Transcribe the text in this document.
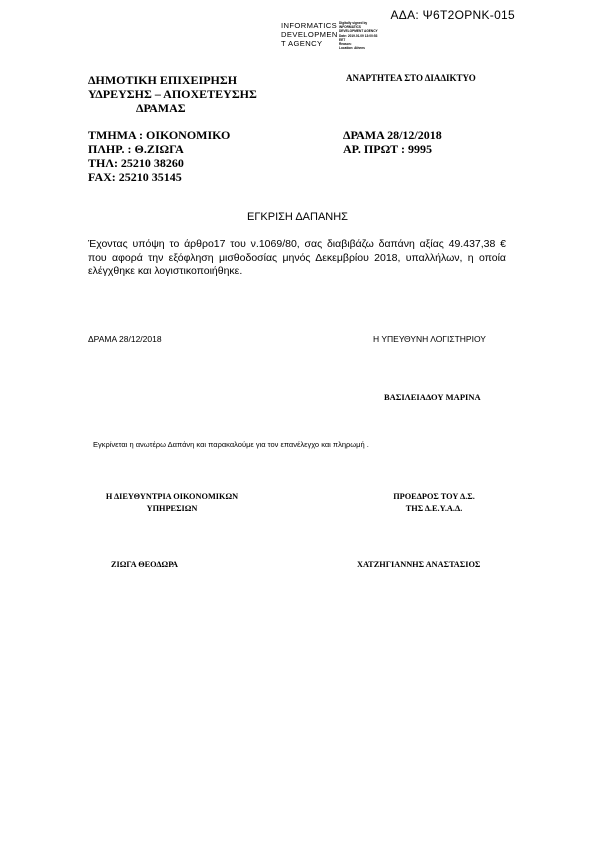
ΑΔΑ: Ψ6Τ2ΟΡΝΚ-015
INFORMATICS
DEVELOPMEN
T AGENCY
Digitally signed by
INFORMATICS
DEVELOPMENT AGENCY
Date: 2019.01.09 13:00:53
EET
Reason:
Location: Athens
ΔΗΜΟΤΙΚΗ ΕΠΙΧΕΙΡΗΣΗ
ΥΔΡΕΥΣΗΣ – ΑΠΟΧΕΤΕΥΣΗΣ
ΔΡΑΜΑΣ
ΑΝΑΡΤΗΤΕΑ ΣΤΟ ΔΙΑΔΙΚΤΥΟ
ΤΜΗΜΑ : ΟΙΚΟΝΟΜΙΚΟ
ΠΛΗΡ. : Θ.ΖΙΩΓΑ
ΤΗΛ: 25210 38260
FAX: 25210 35145
ΔΡΑΜΑ 28/12/2018
ΑΡ. ΠΡΩΤ : 9995
ΕΓΚΡΙΣΗ ΔΑΠΑΝΗΣ
Έχοντας υπόψη το άρθρο17 του ν.1069/80, σας διαβιβάζω δαπάνη αξίας 49.437,38 € που αφορά την εξόφληση μισθοδοσίας μηνός Δεκεμβρίου 2018, υπαλλήλων, η οποία ελέγχθηκε και λογιστικοποιήθηκε.
ΔΡΑΜΑ 28/12/2018	Η ΥΠΕΥΘΥΝΗ ΛΟΓΙΣΤΗΡΙΟΥ
ΒΑΣΙΛΕΙΑΔΟΥ ΜΑΡΙΝΑ
Εγκρίνεται η ανωτέρω Δαπάνη και παρακαλούμε για τον επανέλεγχο και πληρωμή .
Η ΔΙΕΥΘΥΝΤΡΙΑ ΟΙΚΟΝΟΜΙΚΩΝ
ΥΠΗΡΕΣΙΩΝ
ΠΡΟΕΔΡΟΣ ΤΟΥ Δ.Σ.
ΤΗΣ Δ.Ε.Υ.Α.Δ.
ΖΙΩΓΑ ΘΕΟΔΩΡΑ	ΧΑΤΖΗΓΙΑΝΝΗΣ ΑΝΑΣΤΑΣΙΟΣ
